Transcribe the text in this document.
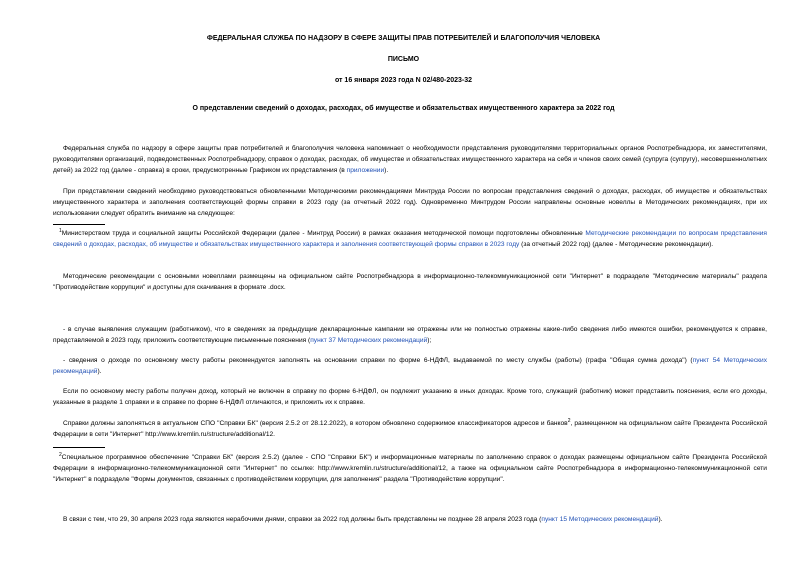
ФЕДЕРАЛЬНАЯ СЛУЖБА ПО НАДЗОРУ В СФЕРЕ ЗАЩИТЫ ПРАВ ПОТРЕБИТЕЛЕЙ И БЛАГОПОЛУЧИЯ ЧЕЛОВЕКА
ПИСЬМО
от 16 января 2023 года N 02/480-2023-32
О представлении сведений о доходах, расходах, об имуществе и обязательствах имущественного характера за 2022 год

Федеральная служба по надзору в сфере защиты прав потребителей и благополучия человека напоминает о необходимости представления руководителями территориальных органов Роспотребнадзора, их заместителями, руководителями организаций, подведомственных Роспотребнадзору, справок о доходах, расходах, об имуществе и обязательствах имущественного характера на себя и членов своих семей (супруга (супругу), несовершеннолетних детей) за 2022 год (далее - справка) в сроки, предусмотренные Графиком их представления (в приложении).

При представлении сведений необходимо руководствоваться обновленными Методическими рекомендациями Минтруда России по вопросам представления сведений о доходах, расходах, об имуществе и обязательствах имущественного характера и заполнения соответствующей формы справки в 2023 году (за отчетный 2022 год). Одновременно Минтрудом России направлены основные новеллы в Методических рекомендациях, при их использовании следует обратить внимание на следующее:

$^1$Министерством труда и социальной защиты Российской Федерации (далее - Минтруд России) в рамках оказания методической помощи подготовлены обновленные Методические рекомендации по вопросам представления сведений о доходах, расходах, об имуществе и обязательствах имущественного характера и заполнения соответствующей формы справки в 2023 году (за отчетный 2022 год) (далее - Методические рекомендации).

Методические рекомендации с основными новеллами размещены на официальном сайте Роспотребнадзора в информационно-телекоммуникационной сети "Интернет" в подразделе "Методические материалы" раздела "Противодействие коррупции" и доступны для скачивания в формате .docx.

- в случае выявления служащим (работником), что в сведениях за предыдущие декларационные кампании не отражены или не полностью отражены какие-либо сведения либо имеются ошибки, рекомендуется к справке, представляемой в 2023 году, приложить соответствующие письменные пояснения (пункт 37 Методических рекомендаций);

- сведения о доходе по основному месту работы рекомендуется заполнять на основании справки по форме 6-НДФЛ, выдаваемой по месту службы (работы) (графа "Общая сумма дохода") (пункт 54 Методических рекомендаций).

Если по основному месту работы получен доход, который не включен в справку по форме 6-НДФЛ, он подлежит указанию в иных доходах. Кроме того, служащий (работник) может представить пояснения, если его доходы, указанные в разделе 1 справки и в справке по форме 6-НДФЛ отличаются, и приложить их к справке.

Справки должны заполняться в актуальном СПО "Справки БК" (версия 2.5.2 от 28.12.2022), в котором обновлено содержимое классификаторов адресов и банков$^2$, размещенном на официальном сайте Президента Российской Федерации в сети "Интернет" http://www.kremlin.ru/structure/additional/12.

$^2$Специальное программное обеспечение "Справки БК" (версия 2.5.2) (далее - СПО "Справки БК") и информационные материалы по заполнению справок о доходах размещены официальном сайте Президента Российской Федерации в информационно-телекоммуникационной сети "Интернет" по ссылке: http://www.kremlin.ru/structure/additional/12, а также на официальном сайте Роспотребнадзора в информационно-телекоммуникационной сети "Интернет" в подразделе "Формы документов, связанных с противодействием коррупции, для заполнения" раздела "Противодействие коррупции".

В связи с тем, что 29, 30 апреля 2023 года являются нерабочими днями, справки за 2022 год должны быть представлены не позднее 28 апреля 2023 года (пункт 15 Методических рекомендаций).
